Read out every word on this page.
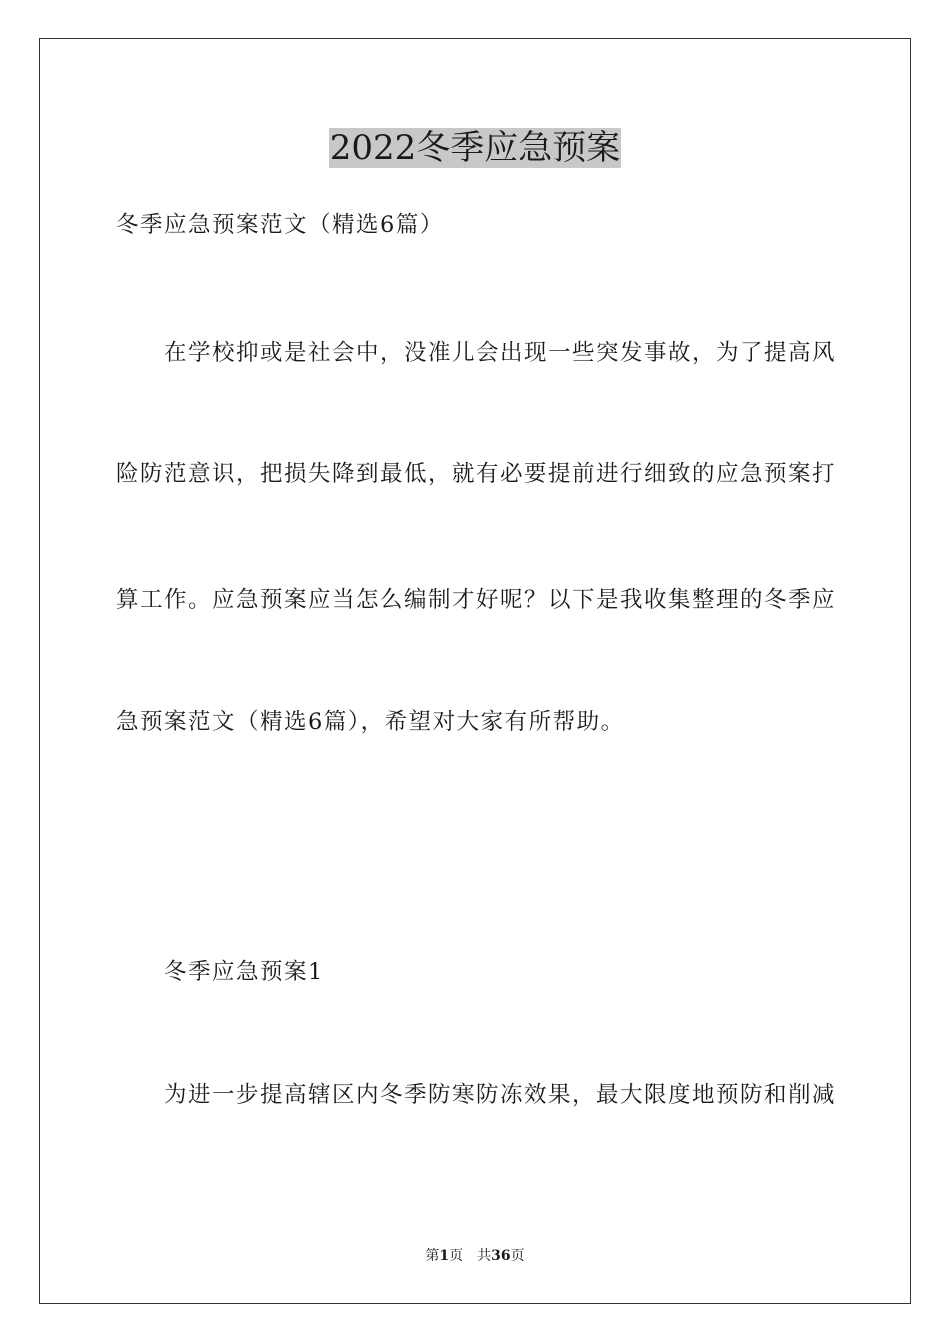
2022冬季应急预案
冬季应急预案范文（精选6篇）
在学校抑或是社会中，没准儿会出现一些突发事故，为了提高风
险防范意识，把损失降到最低，就有必要提前进行细致的应急预案打
算工作。应急预案应当怎么编制才好呢？以下是我收集整理的冬季应
急预案范文（精选6篇），希望对大家有所帮助。
冬季应急预案1
为进一步提高辖区内冬季防寒防冻效果，最大限度地预防和削减
第1页 共36页
